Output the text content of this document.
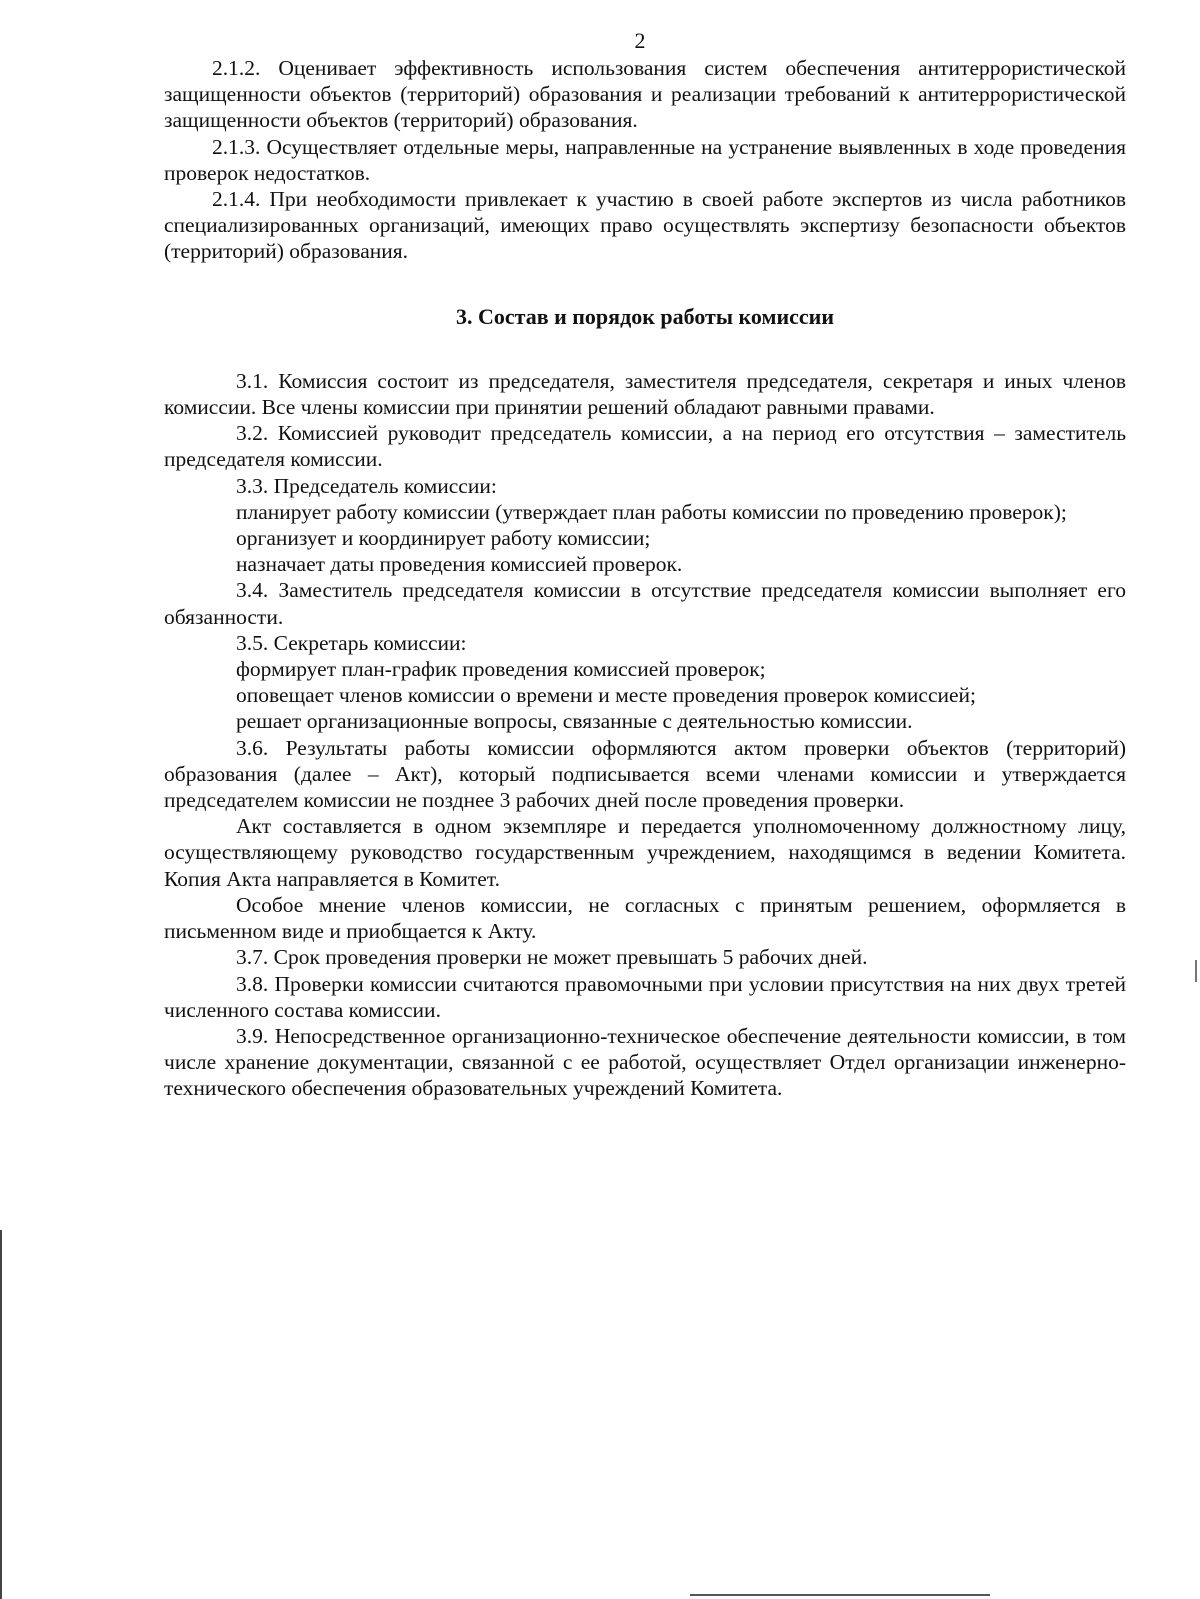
2

2.1.2. Оценивает эффективность использования систем обеспечения антитеррористической защищенности объектов (территорий) образования и реализации требований к антитеррористической защищенности объектов (территорий) образования.

2.1.3. Осуществляет отдельные меры, направленные на устранение выявленных в ходе проведения проверок недостатков.

2.1.4. При необходимости привлекает к участию в своей работе экспертов из числа работников специализированных организаций, имеющих право осуществлять экспертизу безопасности объектов (территорий) образования.

3. Состав и порядок работы комиссии

3.1. Комиссия состоит из председателя, заместителя председателя, секретаря и иных членов комиссии. Все члены комиссии при принятии решений обладают равными правами.

3.2. Комиссией руководит председатель комиссии, а на период его отсутствия – заместитель председателя комиссии.

3.3. Председатель комиссии:

планирует работу комиссии (утверждает план работы комиссии по проведению проверок);

организует и координирует работу комиссии;

назначает даты проведения комиссией проверок.

3.4. Заместитель председателя комиссии в отсутствие председателя комиссии выполняет его обязанности.

3.5. Секретарь комиссии:

формирует план-график проведения комиссией проверок;

оповещает членов комиссии о времени и месте проведения проверок комиссией;

решает организационные вопросы, связанные с деятельностью комиссии.

3.6. Результаты работы комиссии оформляются актом проверки объектов (территорий) образования (далее – Акт), который подписывается всеми членами комиссии и утверждается председателем комиссии не позднее 3 рабочих дней после проведения проверки.

Акт составляется в одном экземпляре и передается уполномоченному должностному лицу, осуществляющему руководство государственным учреждением, находящимся в ведении Комитета. Копия Акта направляется в Комитет.

Особое мнение членов комиссии, не согласных с принятым решением, оформляется в письменном виде и приобщается к Акту.

3.7. Срок проведения проверки не может превышать 5 рабочих дней.

3.8. Проверки комиссии считаются правомочными при условии присутствия на них двух третей численного состава комиссии.

3.9. Непосредственное организационно-техническое обеспечение деятельности комиссии, в том числе хранение документации, связанной с ее работой, осуществляет Отдел организации инженерно-технического обеспечения образовательных учреждений Комитета.
